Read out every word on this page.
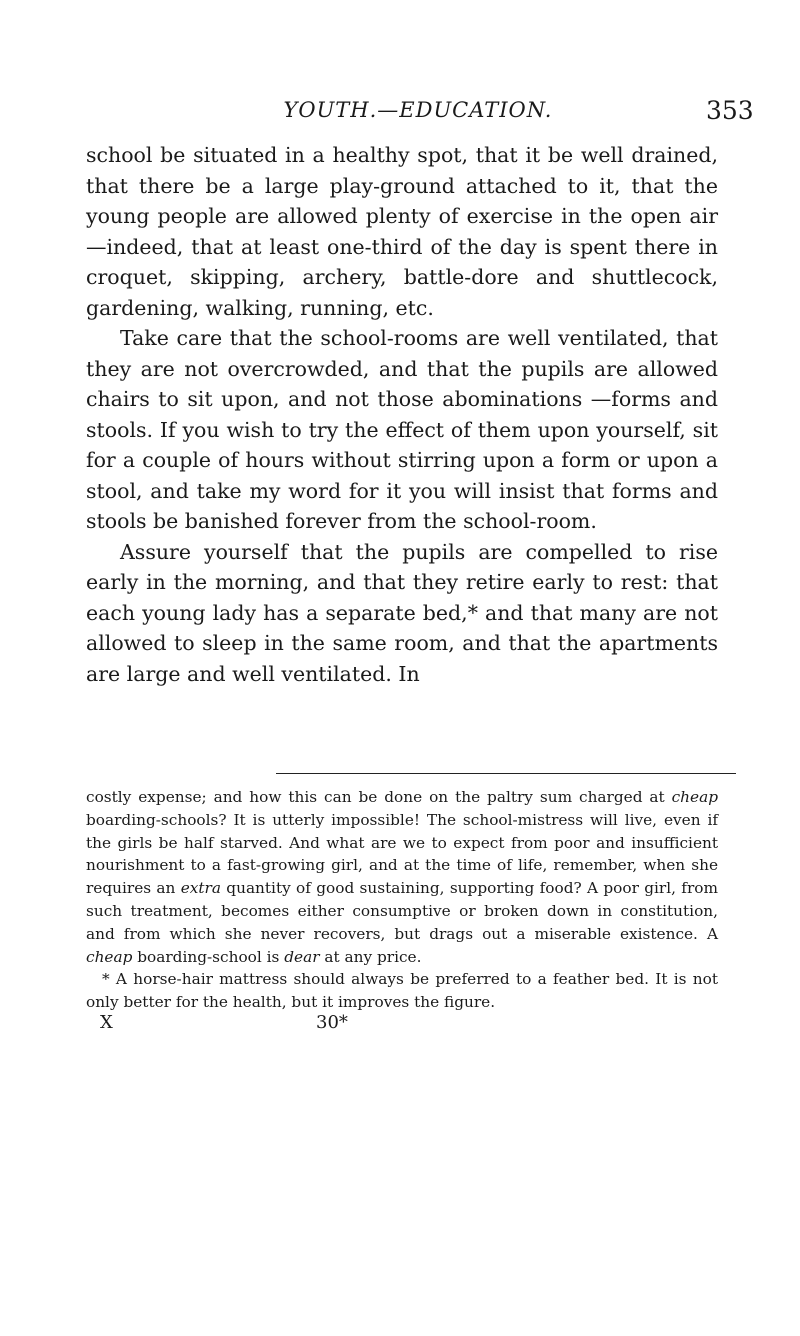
YOUTH.—EDUCATION.	353

school be situated in a healthy spot, that it be well drained, that there be a large play-ground attached to it, that the young people are allowed plenty of exercise in the open air—indeed, that at least one-third of the day is spent there in croquet, skipping, archery, battle-dore and shuttlecock, gardening, walking, running, etc.

Take care that the school-rooms are well ventilated, that they are not overcrowded, and that the pupils are allowed chairs to sit upon, and not those abominations —forms and stools. If you wish to try the effect of them upon yourself, sit for a couple of hours without stirring upon a form or upon a stool, and take my word for it you will insist that forms and stools be banished forever from the school-room.

Assure yourself that the pupils are compelled to rise early in the morning, and that they retire early to rest: that each young lady has a separate bed,* and that many are not allowed to sleep in the same room, and that the apartments are large and well ventilated. In

costly expense; and how this can be done on the paltry sum charged at cheap boarding-schools? It is utterly impossible! The school-mistress will live, even if the girls be half starved. And what are we to expect from poor and insufficient nourishment to a fast-growing girl, and at the time of life, remember, when she requires an extra quantity of good sustaining, supporting food? A poor girl, from such treatment, becomes either consumptive or broken down in constitution, and from which she never recovers, but drags out a miserable existence. A cheap boarding-school is dear at any price.

* A horse-hair mattress should always be preferred to a feather bed. It is not only better for the health, but it improves the figure.

X	30*
